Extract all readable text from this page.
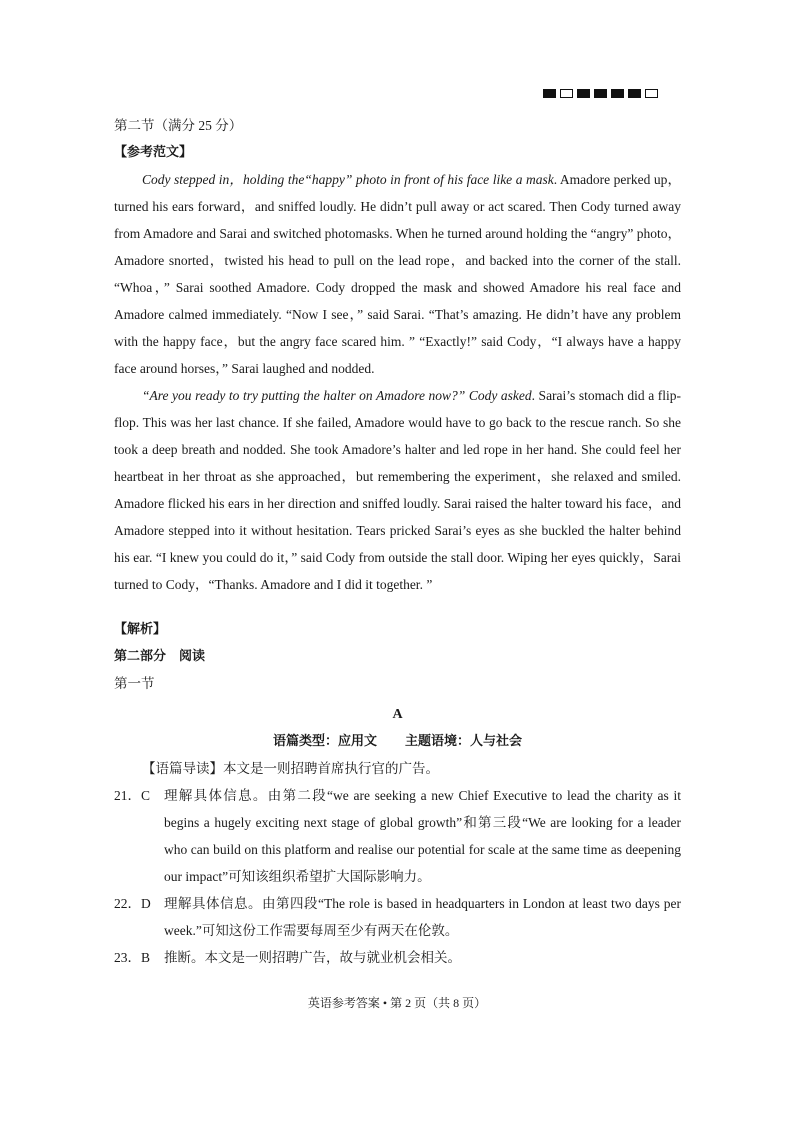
第二节（满分 25 分）
【参考范文】

Cody stepped in，holding the“happy” photo in front of his face like a mask. Amadore perked up，turned his ears forward，and sniffed loudly. He didn’t pull away or act scared. Then Cody turned away from Amadore and Sarai and switched photomasks. When he turned around holding the “angry” photo，Amadore snorted，twisted his head to pull on the lead rope，and backed into the corner of the stall. “Whoa，” Sarai soothed Amadore. Cody dropped the mask and showed Amadore his real face and Amadore calmed immediately. “Now I see，” said Sarai. “That’s amazing. He didn’t have any problem with the happy face，but the angry face scared him. ” “Exactly!” said Cody，“I always have a happy face around horses，” Sarai laughed and nodded.

“Are you ready to try putting the halter on Amadore now?” Cody asked. Sarai’s stomach did a flip-flop. This was her last chance. If she failed, Amadore would have to go back to the rescue ranch. So she took a deep breath and nodded. She took Amadore’s halter and led rope in her hand. She could feel her heartbeat in her throat as she approached，but remembering the experiment，she relaxed and smiled. Amadore flicked his ears in her direction and sniffed loudly. Sarai raised the halter toward his face，and Amadore stepped into it without hesitation. Tears pricked Sarai’s eyes as she buckled the halter behind his ear. “I knew you could do it，” said Cody from outside the stall door. Wiping her eyes quickly，Sarai turned to Cody，“Thanks. Amadore and I did it together. ”

【解析】
第二部分　阅读
第一节
A
语篇类型：应用文 主题语境：人与社会
【语篇导读】本文是一则招聘首席执行官的广告。
21．C	理解具体信息。由第二段“we are seeking a new Chief Executive to lead the charity as it begins a hugely exciting next stage of global growth”和第三段“We are looking for a leader who can build on this platform and realise our potential for scale at the same time as deepening our impact”可知该组织希望扩大国际影响力。
22．D 理解具体信息。由第四段“The role is based in headquarters in London at least two days per week.”可知这份工作需要每周至少有两天在伦敦。
23．B	推断。本文是一则招聘广告，故与就业机会相关。
英语参考答案 • 第 2 页（共 8 页）
